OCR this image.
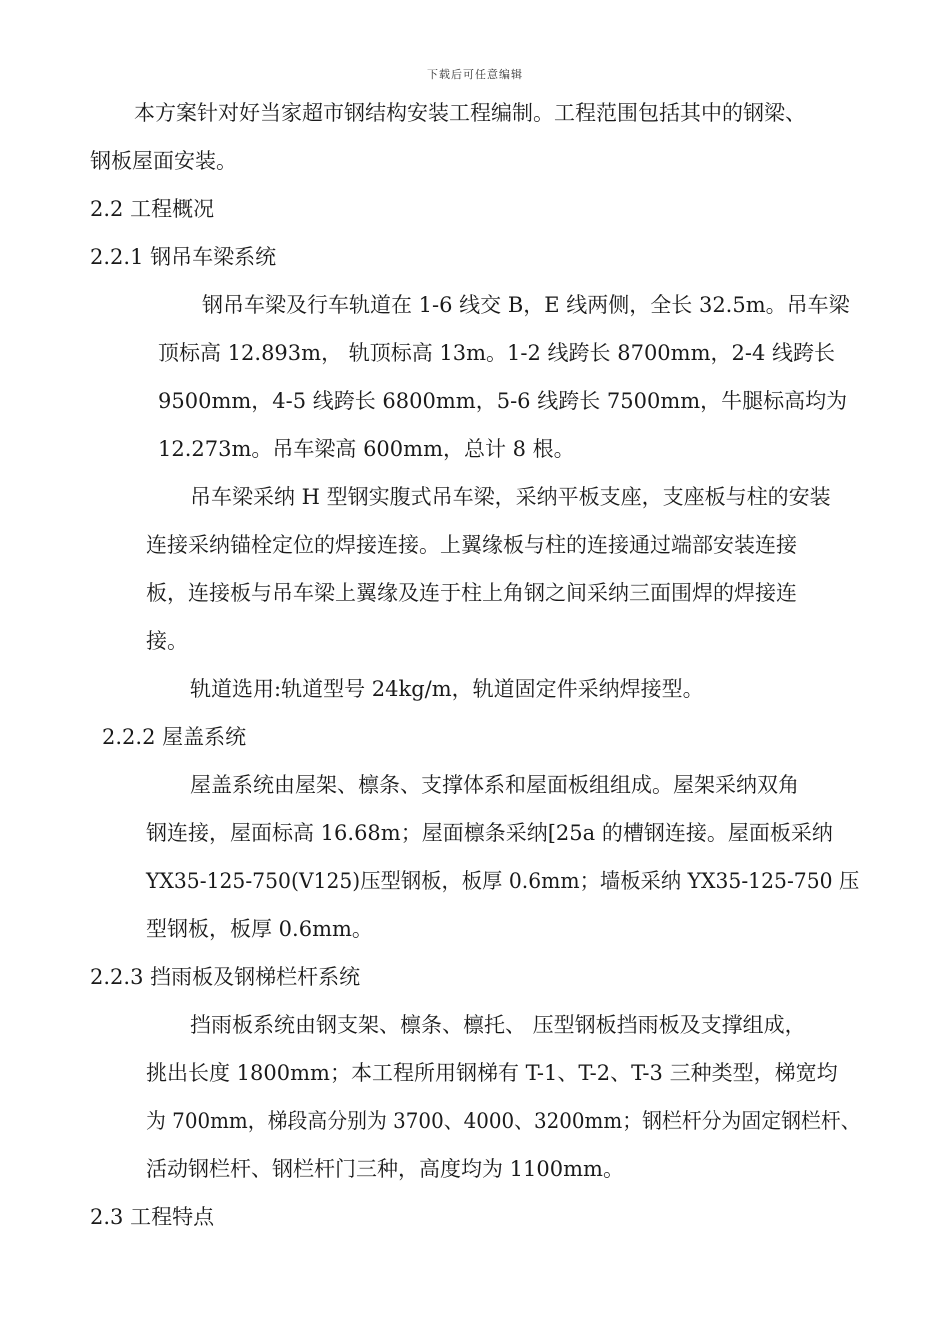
下载后可任意编辑
本方案针对好当家超市钢结构安装工程编制。工程范围包括其中的钢梁、
钢板屋面安装。
2.2 工程概况
2.2.1 钢吊车梁系统
钢吊车梁及行车轨道在 1-6 线交 B，E 线两侧，全长 32.5m。吊车梁
顶标高 12.893m， 轨顶标高 13m。1-2 线跨长 8700mm，2-4 线跨长
9500mm，4-5 线跨长 6800mm，5-6 线跨长 7500mm，牛腿标高均为
12.273m。吊车梁高 600mm，总计 8 根。
吊车梁采纳 H 型钢实腹式吊车梁，采纳平板支座，支座板与柱的安装
连接采纳锚栓定位的焊接连接。上翼缘板与柱的连接通过端部安装连接
板，连接板与吊车梁上翼缘及连于柱上角钢之间采纳三面围焊的焊接连
接。
轨道选用:轨道型号 24kg/m，轨道固定件采纳焊接型。
2.2.2 屋盖系统
屋盖系统由屋架、檩条、支撑体系和屋面板组组成。屋架采纳双角
钢连接，屋面标高 16.68m；屋面檩条采纳[25a 的槽钢连接。屋面板采纳
YX35-125-750(V125)压型钢板，板厚 0.6mm；墙板采纳 YX35-125-750 压
型钢板，板厚 0.6mm。
2.2.3 挡雨板及钢梯栏杆系统
挡雨板系统由钢支架、檩条、檩托、 压型钢板挡雨板及支撑组成，
挑出长度 1800mm；本工程所用钢梯有 T-1、T-2、T-3 三种类型，梯宽均
为 700mm，梯段高分别为 3700、4000、3200mm；钢栏杆分为固定钢栏杆、
活动钢栏杆、钢栏杆门三种，高度均为 1100mm。
2.3 工程特点
